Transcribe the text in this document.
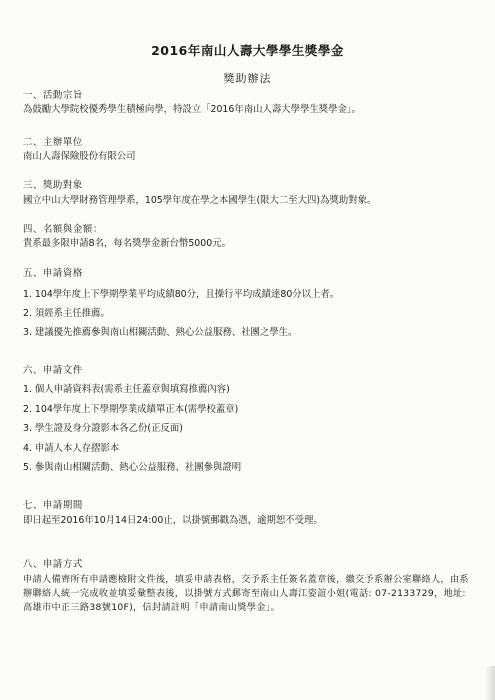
2016年南山人壽大學學生獎學金
獎助辦法
一、活動宗旨
為鼓勵大學院校優秀學生積極向學，特設立「2016年南山人壽大學學生獎學金」。
二、主辦單位
南山人壽保險股份有限公司
三、獎助對象
國立中山大學財務管理學系，105學年度在學之本國學生(限大二至大四)為獎助對象。
四、名額與金額：
貴系最多限申請8名，每名獎學金新台幣5000元。
五、申請資格
1. 104學年度上下學期學業平均成績80分，且操行平均成績達80分以上者。
2. 須經系主任推薦。
3. 建議優先推薦參與南山相關活動、熱心公益服務、社團之學生。
六、申請文件
1. 個人申請資料表(需系主任蓋章與填寫推薦內容)
2. 104學年度上下學期學業成績單正本(需學校蓋章)
3. 學生證及身分證影本各乙份(正反面)
4. 申請人本人存摺影本
5. 參與南山相關活動、熱心公益服務、社團參與證明
七、申請期間
即日起至2016年10月14日24:00止，以掛號郵戳為憑，逾期恕不受理。
八、申請方式
申請人備齊所有申請應檢附文件後，填妥申請表格，交予系主任簽名蓋章後，繳交予系辦公室聯絡人，由系辦聯絡人統一完成收並填妥彙整表後，以掛號方式郵寄至南山人壽江姿誼小姐(電話: 07-2133729，地址: 高雄市中正三路38號10F)，信封請註明「申請南山獎學金」。
